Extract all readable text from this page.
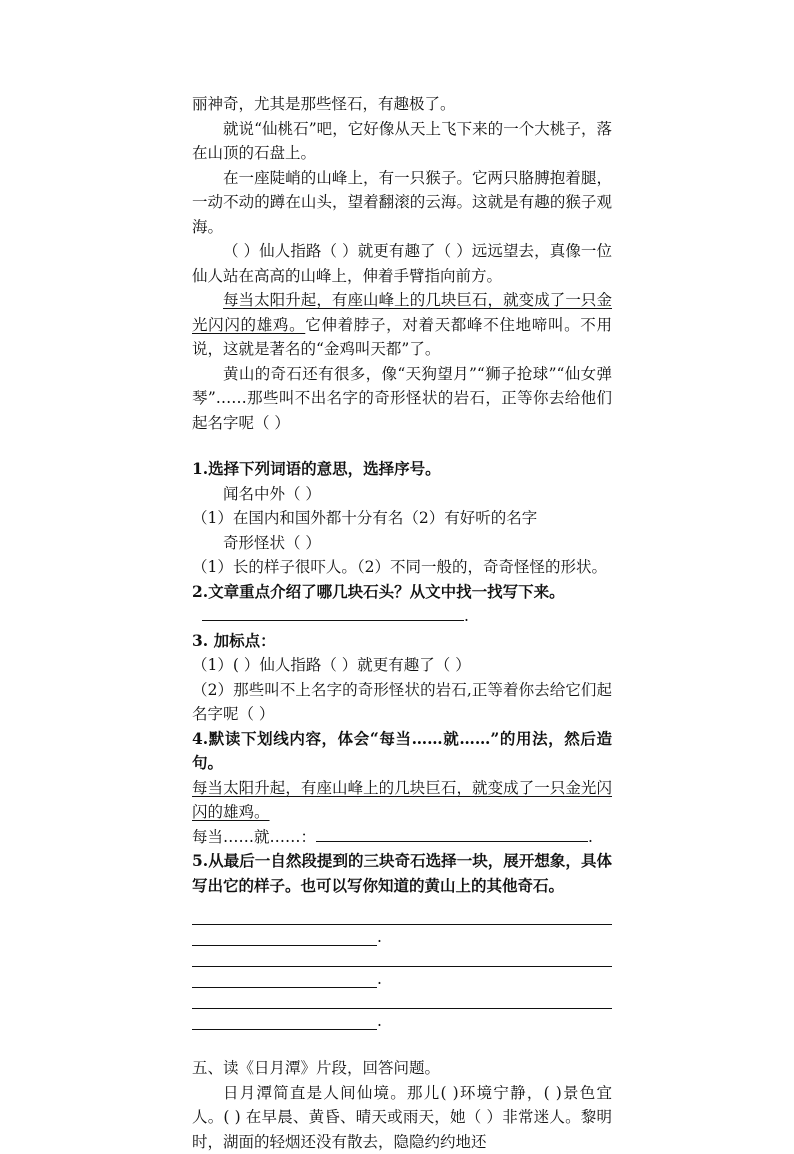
丽神奇，尤其是那些怪石，有趣极了。

就说“仙桃石”吧，它好像从天上飞下来的一个大桃子，落在山顶的石盘上。

在一座陡峭的山峰上，有一只猴子。它两只胳膊抱着腿，一动不动的蹲在山头，望着翻滚的云海。这就是有趣的猴子观海。

（ ）仙人指路（ ）就更有趣了（ ）远远望去，真像一位仙人站在高高的山峰上，伸着手臂指向前方。

每当太阳升起，有座山峰上的几块巨石，就变成了一只金光闪闪的雄鸡。它伸着脖子，对着天都峰不住地啼叫。不用说，这就是著名的“金鸡叫天都”了。

黄山的奇石还有很多，像“天狗望月”“狮子抢球”“仙女弹琴”……那些叫不出名字的奇形怪状的岩石，正等你去给他们起名字呢（ ）

1.选择下列词语的意思，选择序号。

闻名中外（ ）

（1）在国内和国外都十分有名（2）有好听的名字

奇形怪状（ ）

（1）长的样子很吓人。（2）不同一般的，奇奇怪怪的形状。

2.文章重点介绍了哪几块石头？从文中找一找写下来。

.

3. 加标点：

（1）( ）仙人指路（ ）就更有趣了（ ）

（2）那些叫不上名字的奇形怪状的岩石,正等着你去给它们起名字呢（ ）

4.默读下划线内容，体会“每当……就……”的用法，然后造句。

每当太阳升起，有座山峰上的几块巨石，就变成了一只金光闪闪的雄鸡。

每当……就……：	.

5.从最后一自然段提到的三块奇石选择一块，展开想象，具体写出它的样子。也可以写你知道的黄山上的其他奇石。

.
.
.

五、读《日月潭》片段，回答问题。

日月潭简直是人间仙境。那儿( )环境宁静，( )景色宜人。( ) 在早晨、黄昏、晴天或雨天，她（ ）非常迷人。黎明时，湖面的轻烟还没有散去，隐隐约约地还
